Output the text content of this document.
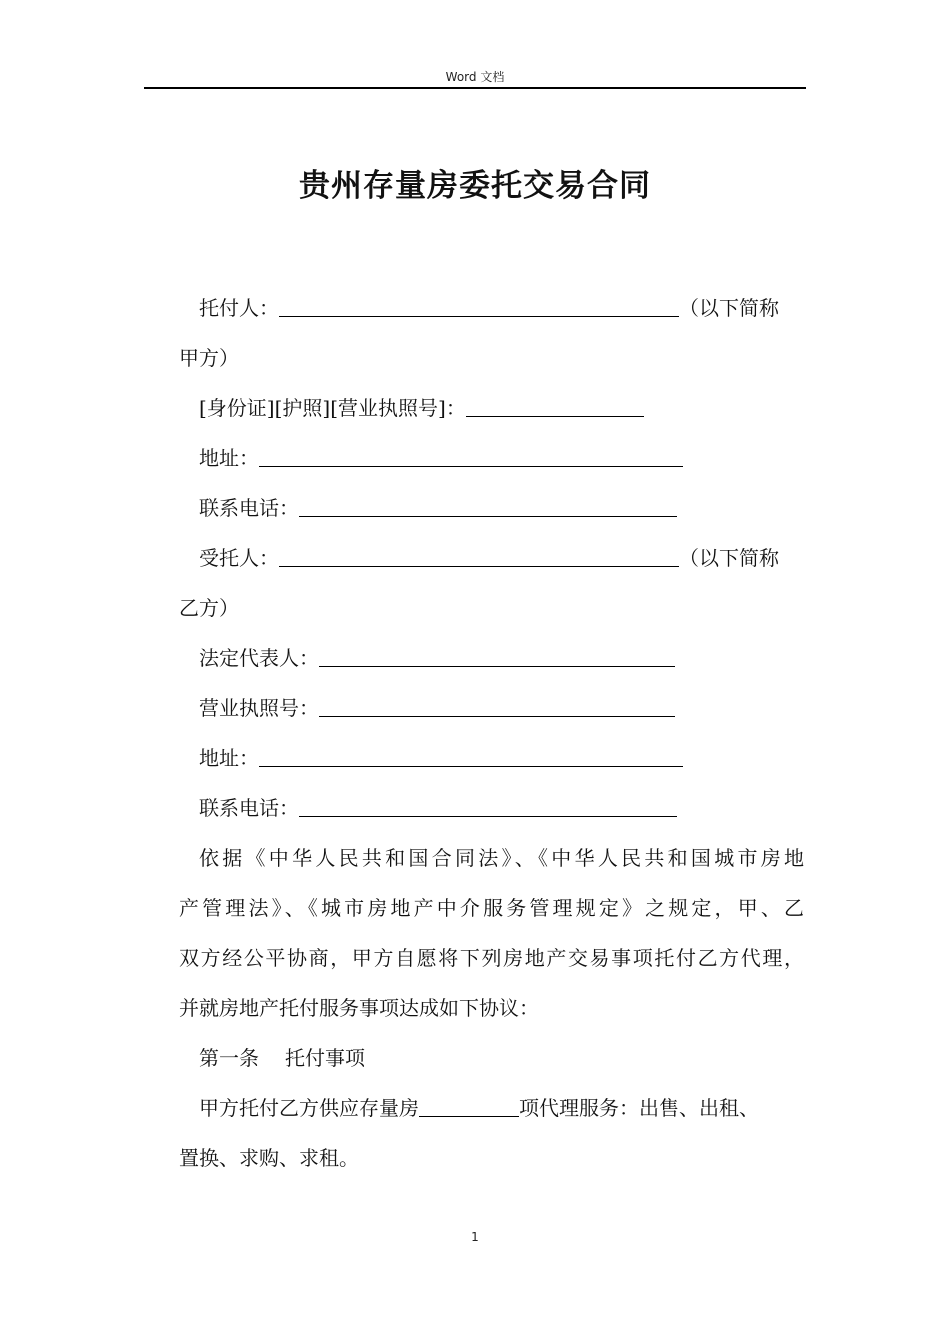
Word 文档
贵州存量房委托交易合同
托付人：	（以下简称
甲方）
[身份证][护照][营业执照号]：
地址：
联系电话：
受托人：	（以下简称
乙方）
法定代表人：
营业执照号：
地址：
联系电话：
依据《中华人民共和国合同法》、《中华人民共和国城市房地
产管理法》、《城市房地产中介服务管理规定》之规定，甲、乙
双方经公平协商，甲方自愿将下列房地产交易事项托付乙方代理，
并就房地产托付服务事项达成如下协议：
第一条 托付事项
甲方托付乙方供应存量房	项代理服务：出售、出租、
置换、求购、求租。
1
